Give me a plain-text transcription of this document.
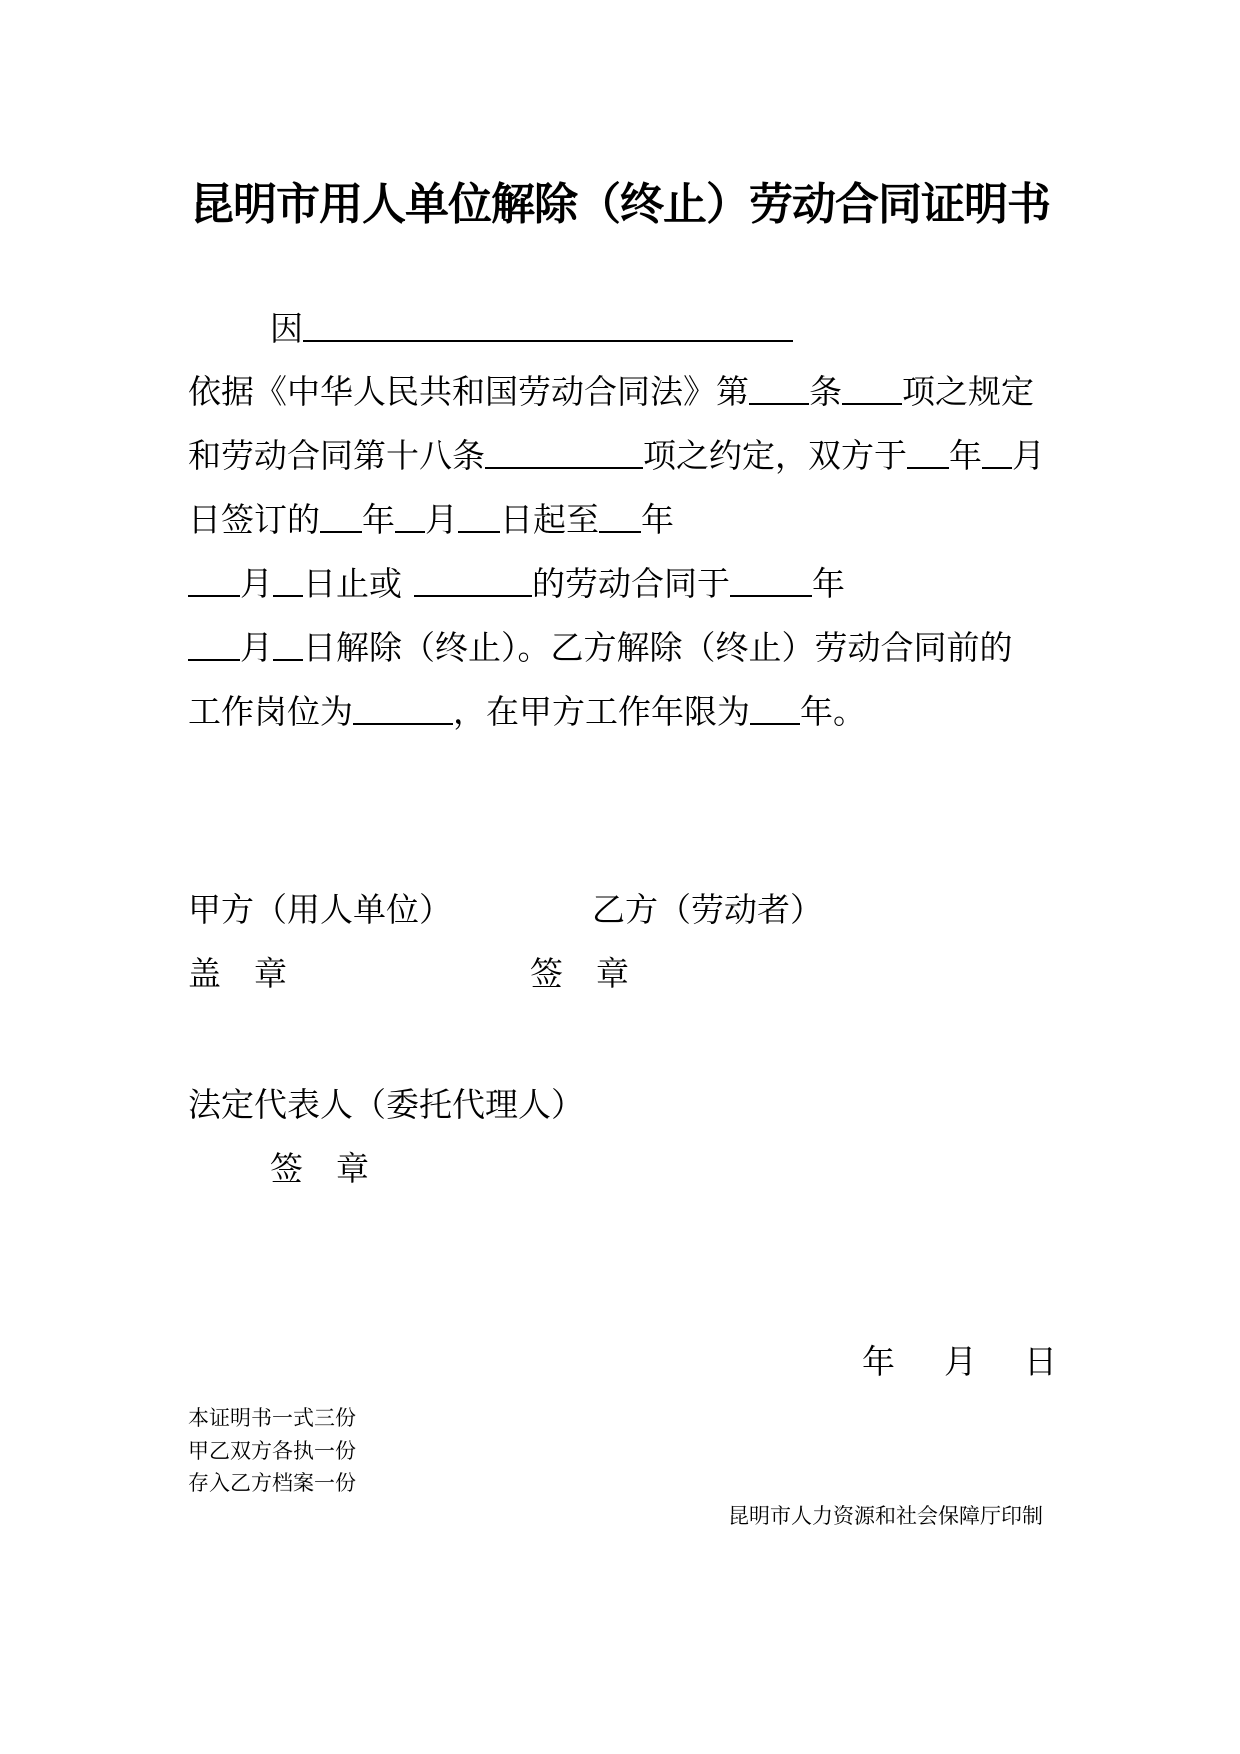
昆明市用人单位解除（终止）劳动合同证明书
因
依据《中华人民共和国劳动合同法》第 条 项之规定
和劳动合同第十八条	项之约定，双方于 年 月
日签订的 年 月 日起至 年
月 日止或	的劳动合同于 年
月 日解除（终止）。乙方解除（终止）劳动合同前的
工作岗位为	，在甲方工作年限为 年。
甲方（用人单位）	乙方（劳动者）
盖　章	签　章
法定代表人（委托代理人）
签　章
年 月 日
本证明书一式三份
甲乙双方各执一份
存入乙方档案一份
昆明市人力资源和社会保障厅印制
